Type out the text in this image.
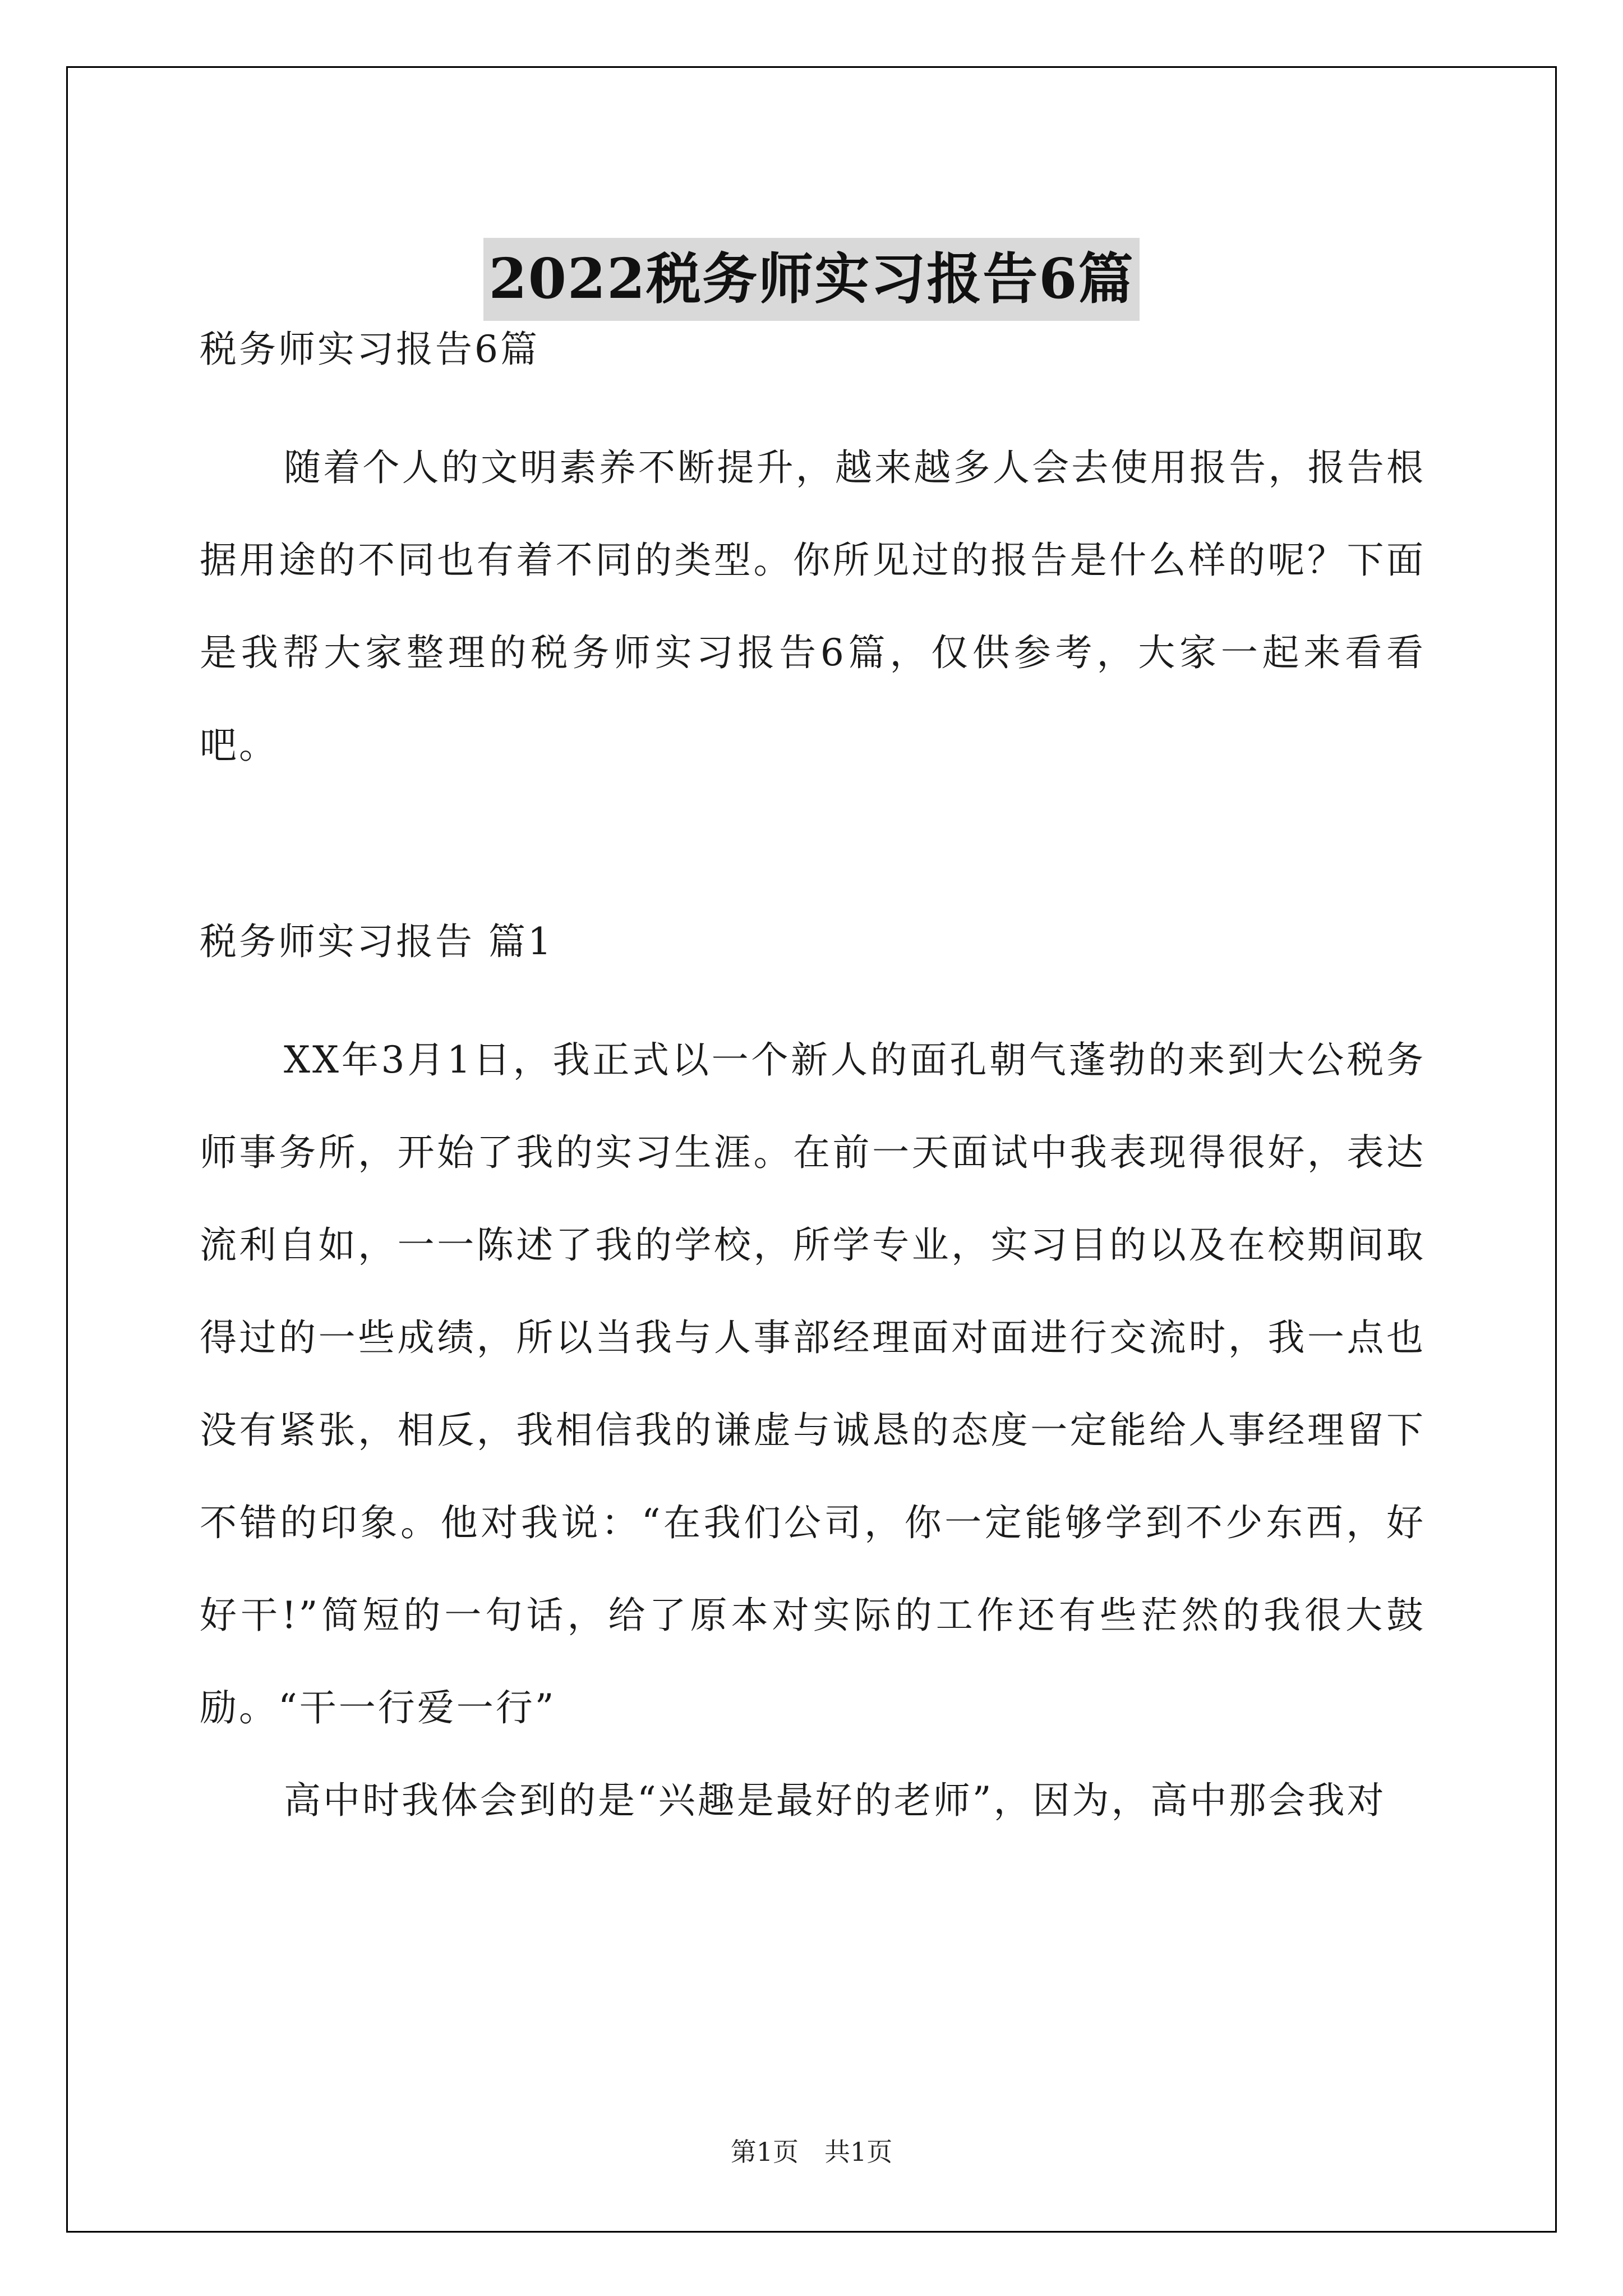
2022税务师实习报告6篇

税务师实习报告6篇

随着个人的文明素养不断提升，越来越多人会去使用报告，报告根据用途的不同也有着不同的类型。你所见过的报告是什么样的呢？下面是我帮大家整理的税务师实习报告6篇，仅供参考，大家一起来看看吧。

税务师实习报告 篇1

XX年3月1日，我正式以一个新人的面孔朝气蓬勃的来到大公税务师事务所，开始了我的实习生涯。在前一天面试中我表现得很好，表达流利自如，一一陈述了我的学校，所学专业，实习目的以及在校期间取得过的一些成绩，所以当我与人事部经理面对面进行交流时，我一点也没有紧张，相反，我相信我的谦虚与诚恳的态度一定能给人事经理留下不错的印象。他对我说：“在我们公司，你一定能够学到不少东西，好好干!”简短的一句话，给了原本对实际的工作还有些茫然的我很大鼓励。“干一行爱一行”

高中时我体会到的是“兴趣是最好的老师”，因为，高中那会我对

第1页 共1页
